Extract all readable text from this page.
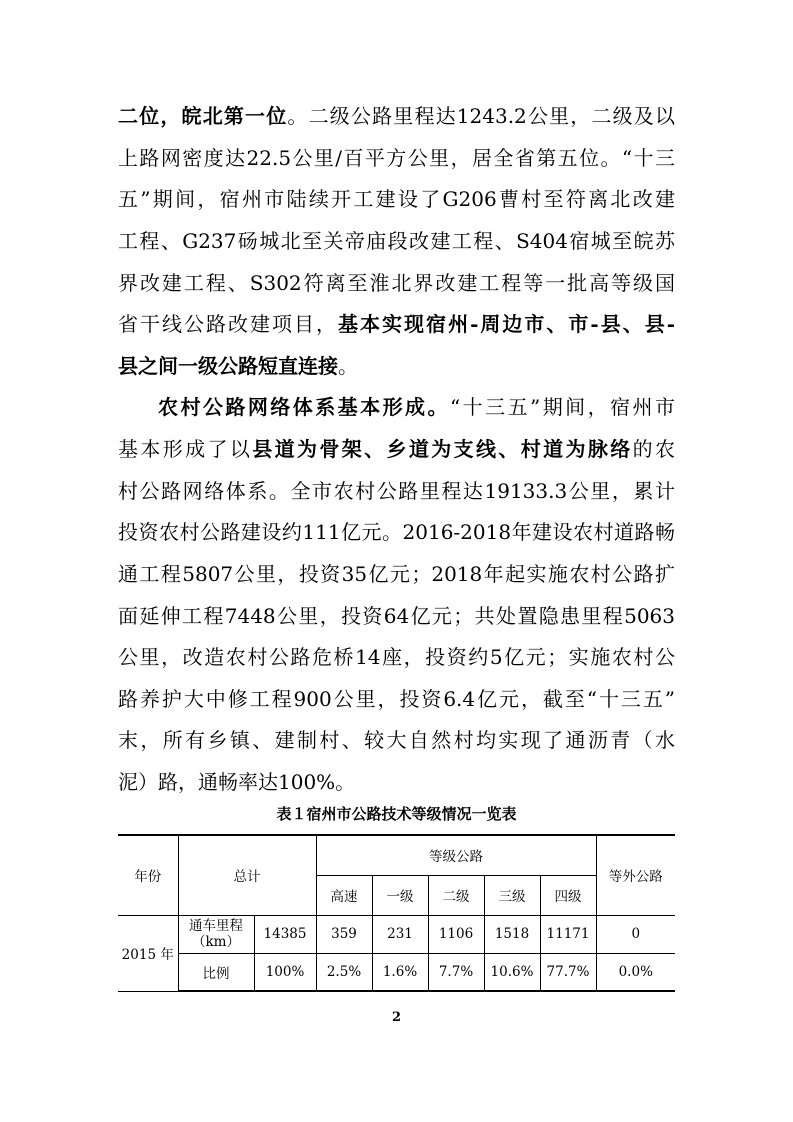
二位，皖北第一位。二级公路里程达1243.2公里，二级及以
上路网密度达22.5公里/百平方公里，居全省第五位。“十三
五”期间，宿州市陆续开工建设了G206曹村至符离北改建
工程、G237砀城北至关帝庙段改建工程、S404宿城至皖苏
界改建工程、S302符离至淮北界改建工程等一批高等级国
省干线公路改建项目，基本实现宿州-周边市、市-县、县-
县之间一级公路短直连接。
农村公路网络体系基本形成。“十三五”期间，宿州市
基本形成了以县道为骨架、乡道为支线、村道为脉络的农
村公路网络体系。全市农村公路里程达19133.3公里，累计
投资农村公路建设约111亿元。2016-2018年建设农村道路畅
通工程5807公里，投资35亿元；2018年起实施农村公路扩
面延伸工程7448公里，投资64亿元；共处置隐患里程5063
公里，改造农村公路危桥14座，投资约5亿元；实施农村公
路养护大中修工程900公里，投资6.4亿元，截至“十三五”
表１宿州市公路技术等级情况一览表
年份	总计		等级公路					等外公路
			高速	一级	二级	三级	四级	
2015 年	通车里程（km）	14385	359	231	1106	1518	11171	0
	比例	100%	2.5%	1.6%	7.7%	10.6%	77.7%	0.0%
2
末，所有乡镇、建制村、较大自然村均实现了通沥青（水
泥）路，通畅率达100%。
